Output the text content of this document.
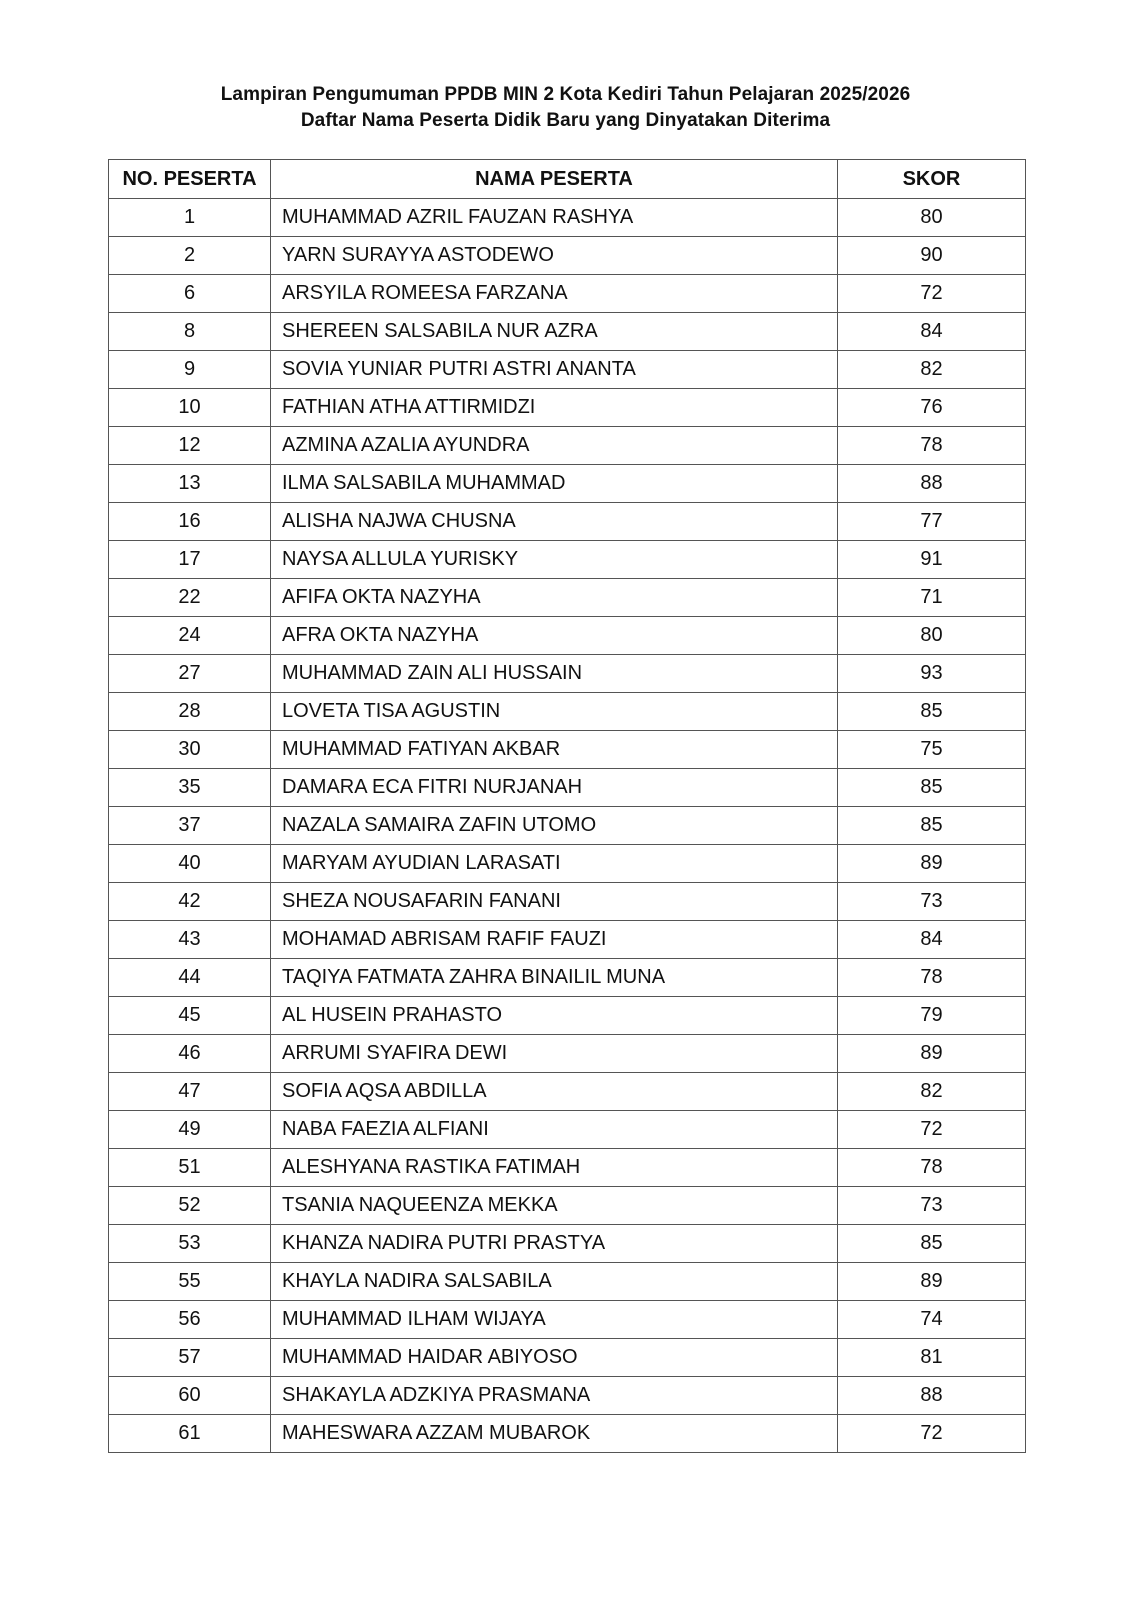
Lampiran Pengumuman PPDB MIN 2 Kota Kediri Tahun Pelajaran 2025/2026
Daftar Nama Peserta Didik Baru yang Dinyatakan Diterima
NO. PESERTA	NAMA PESERTA	SKOR
1	MUHAMMAD AZRIL FAUZAN RASHYA	80
2	YARN SURAYYA ASTODEWO	90
6	ARSYILA ROMEESA FARZANA	72
8	SHEREEN SALSABILA NUR AZRA	84
9	SOVIA YUNIAR PUTRI ASTRI ANANTA	82
10	FATHIAN ATHA ATTIRMIDZI	76
12	AZMINA AZALIA AYUNDRA	78
13	ILMA SALSABILA MUHAMMAD	88
16	ALISHA NAJWA CHUSNA	77
17	NAYSA ALLULA YURISKY	91
22	AFIFA OKTA NAZYHA	71
24	AFRA OKTA NAZYHA	80
27	MUHAMMAD ZAIN ALI HUSSAIN	93
28	LOVETA TISA AGUSTIN	85
30	MUHAMMAD FATIYAN AKBAR	75
35	DAMARA ECA FITRI NURJANAH	85
37	NAZALA SAMAIRA ZAFIN UTOMO	85
40	MARYAM AYUDIAN LARASATI	89
42	SHEZA NOUSAFARIN FANANI	73
43	MOHAMAD ABRISAM RAFIF FAUZI	84
44	TAQIYA FATMATA ZAHRA BINAILIL MUNA	78
45	AL HUSEIN PRAHASTO	79
46	ARRUMI SYAFIRA DEWI	89
47	SOFIA AQSA ABDILLA	82
49	NABA FAEZIA ALFIANI	72
51	ALESHYANA RASTIKA FATIMAH	78
52	TSANIA NAQUEENZA MEKKA	73
53	KHANZA NADIRA PUTRI PRASTYA	85
55	KHAYLA NADIRA SALSABILA	89
56	MUHAMMAD ILHAM WIJAYA	74
57	MUHAMMAD HAIDAR ABIYOSO	81
60	SHAKAYLA ADZKIYA PRASMANA	88
61	MAHESWARA AZZAM MUBAROK	72
